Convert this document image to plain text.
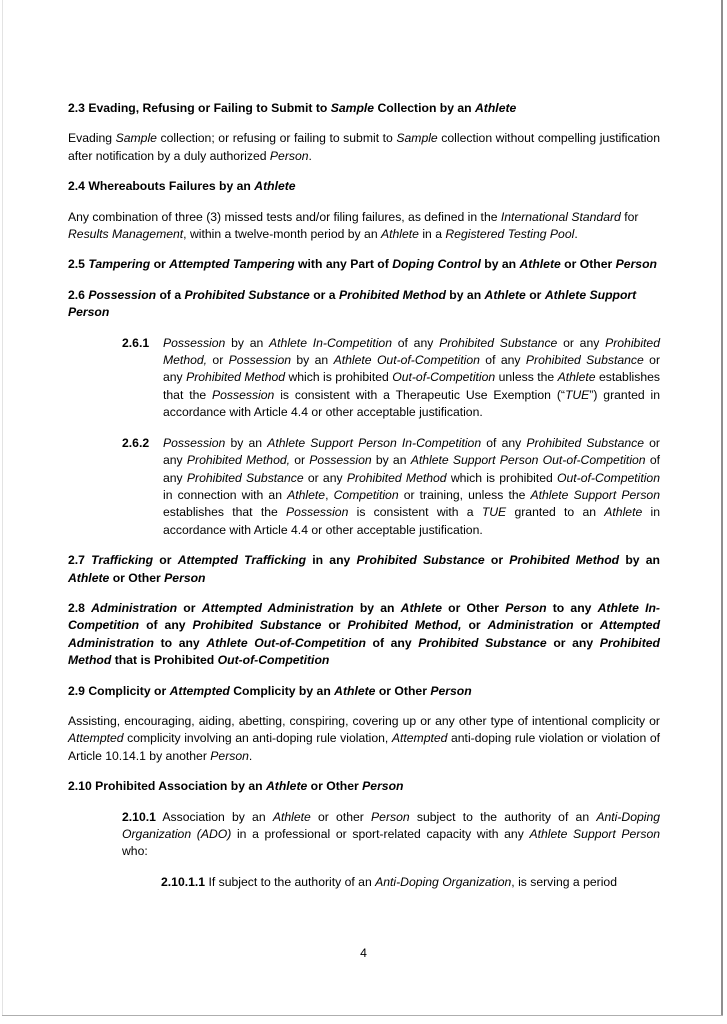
2.3 Evading, Refusing or Failing to Submit to Sample Collection by an Athlete
Evading Sample collection; or refusing or failing to submit to Sample collection without compelling justification after notification by a duly authorized Person.
2.4 Whereabouts Failures by an Athlete
Any combination of three (3) missed tests and/or filing failures, as defined in the International Standard for Results Management, within a twelve-month period by an Athlete in a Registered Testing Pool.
2.5 Tampering or Attempted Tampering with any Part of Doping Control by an Athlete or Other Person
2.6 Possession of a Prohibited Substance or a Prohibited Method by an Athlete or Athlete Support Person
2.6.1	Possession by an Athlete In-Competition of any Prohibited Substance or any Prohibited Method, or Possession by an Athlete Out-of-Competition of any Prohibited Substance or any Prohibited Method which is prohibited Out-of-Competition unless the Athlete establishes that the Possession is consistent with a Therapeutic Use Exemption (“TUE”) granted in accordance with Article 4.4 or other acceptable justification.
2.6.2	Possession by an Athlete Support Person In-Competition of any Prohibited Substance or any Prohibited Method, or Possession by an Athlete Support Person Out-of-Competition of any Prohibited Substance or any Prohibited Method which is prohibited Out-of-Competition in connection with an Athlete, Competition or training, unless the Athlete Support Person establishes that the Possession is consistent with a TUE granted to an Athlete in accordance with Article 4.4 or other acceptable justification.
2.7 Trafficking or Attempted Trafficking in any Prohibited Substance or Prohibited Method by an Athlete or Other Person
2.8 Administration or Attempted Administration by an Athlete or Other Person to any Athlete In-Competition of any Prohibited Substance or Prohibited Method, or Administration or Attempted Administration to any Athlete Out-of-Competition of any Prohibited Substance or any Prohibited Method that is Prohibited Out-of-Competition
2.9 Complicity or Attempted Complicity by an Athlete or Other Person
Assisting, encouraging, aiding, abetting, conspiring, covering up or any other type of intentional complicity or Attempted complicity involving an anti-doping rule violation, Attempted anti-doping rule violation or violation of Article 10.14.1 by another Person.
2.10 Prohibited Association by an Athlete or Other Person
2.10.1 Association by an Athlete or other Person subject to the authority of an Anti-Doping Organization (ADO) in a professional or sport-related capacity with any Athlete Support Person who:
2.10.1.1 If subject to the authority of an Anti-Doping Organization, is serving a period
4
